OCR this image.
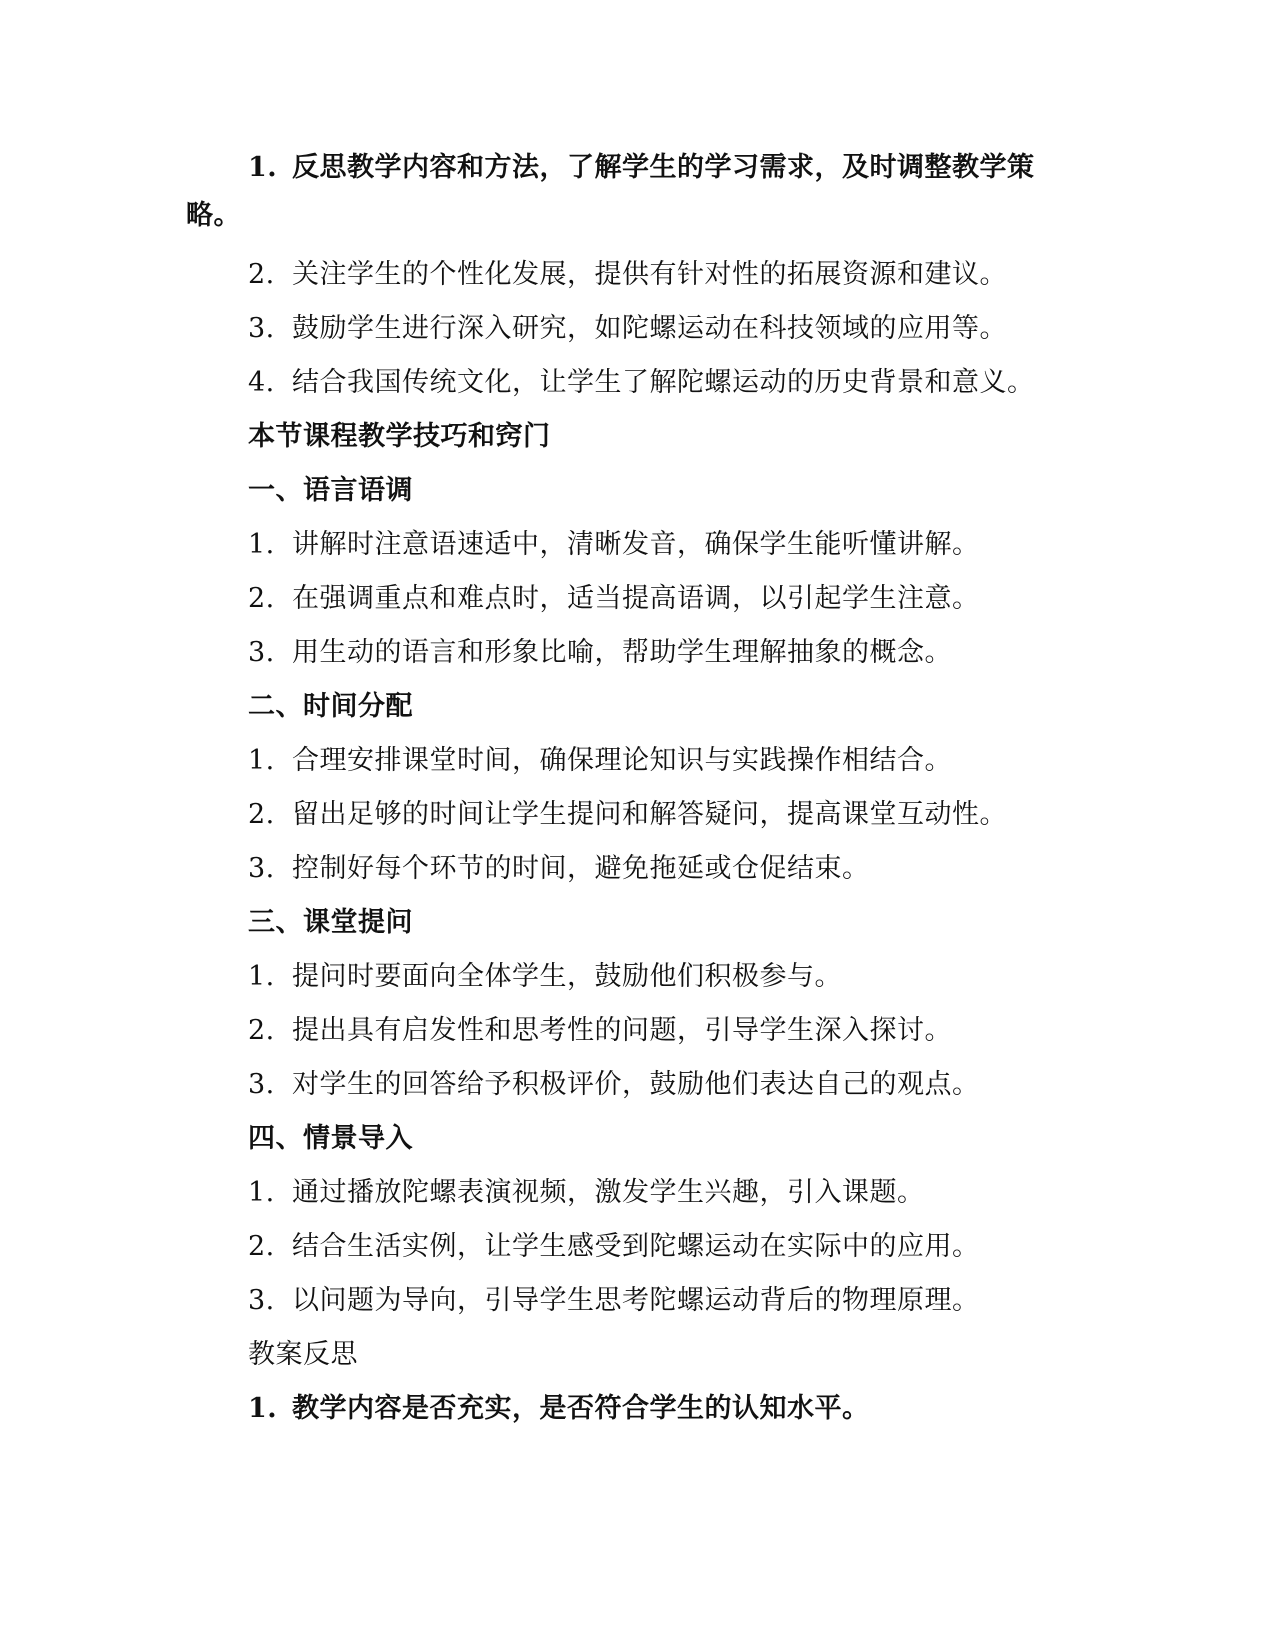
1. 反思教学内容和方法，了解学生的学习需求，及时调整教学策
略。
2. 关注学生的个性化发展，提供有针对性的拓展资源和建议。
3. 鼓励学生进行深入研究，如陀螺运动在科技领域的应用等。
4. 结合我国传统文化，让学生了解陀螺运动的历史背景和意义。
本节课程教学技巧和窍门
一、语言语调
1. 讲解时注意语速适中，清晰发音，确保学生能听懂讲解。
2. 在强调重点和难点时，适当提高语调，以引起学生注意。
3. 用生动的语言和形象比喻，帮助学生理解抽象的概念。
二、时间分配
1. 合理安排课堂时间，确保理论知识与实践操作相结合。
2. 留出足够的时间让学生提问和解答疑问，提高课堂互动性。
3. 控制好每个环节的时间，避免拖延或仓促结束。
三、课堂提问
1. 提问时要面向全体学生，鼓励他们积极参与。
2. 提出具有启发性和思考性的问题，引导学生深入探讨。
3. 对学生的回答给予积极评价，鼓励他们表达自己的观点。
四、情景导入
1. 通过播放陀螺表演视频，激发学生兴趣，引入课题。
2. 结合生活实例，让学生感受到陀螺运动在实际中的应用。
3. 以问题为导向，引导学生思考陀螺运动背后的物理原理。
教案反思
1. 教学内容是否充实，是否符合学生的认知水平。
